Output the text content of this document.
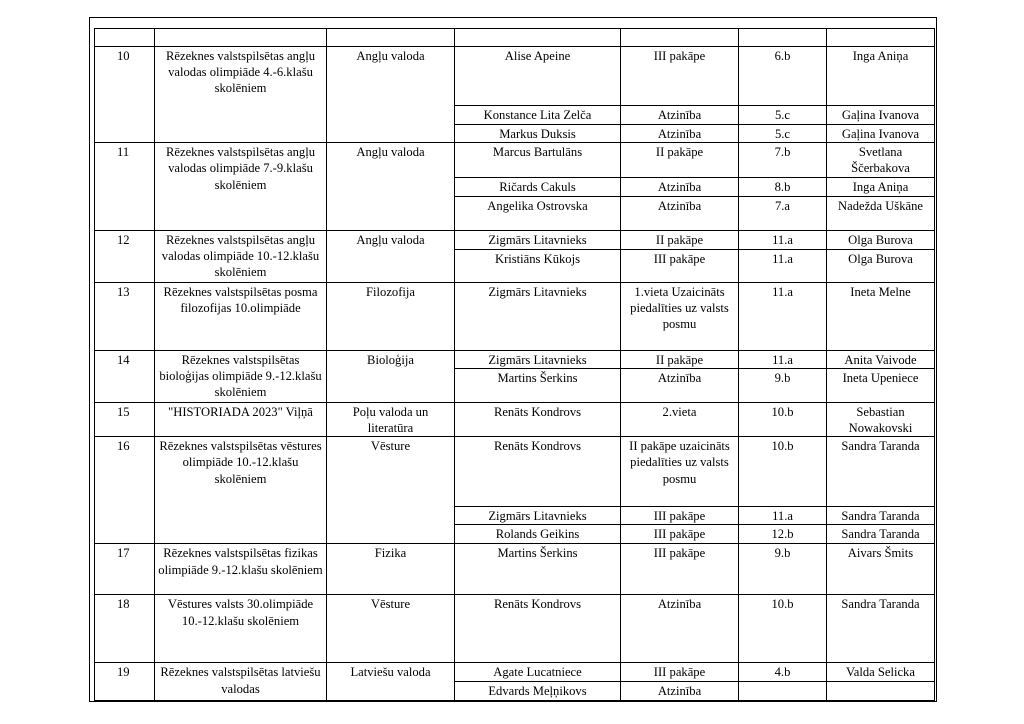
10	Rēzeknes valstspilsētas angļu valodas olimpiāde 4.-6.klašu skolēniem	Angļu valoda	Alise Apeine	III pakāpe	6.b	Inga Aniņa
			Konstance Lita Zelča	Atzinība	5.c	Gaļina Ivanova
			Markus Duksis	Atzinība	5.c	Gaļina Ivanova
11	Rēzeknes valstspilsētas angļu valodas olimpiāde 7.-9.klašu skolēniem	Angļu valoda	Marcus Bartulāns	II pakāpe	7.b	Svetlana Ščerbakova
			Ričards Cakuls	Atzinība	8.b	Inga Aniņa
			Angelika Ostrovska	Atzinība	7.a	Nadežda Uškāne
12	Rēzeknes valstspilsētas angļu valodas olimpiāde 10.-12.klašu skolēniem	Angļu valoda	Zigmārs Litavnieks	II pakāpe	11.a	Olga Burova
			Kristiāns Kūkojs	III pakāpe	11.a	Olga Burova
13	Rēzeknes valstspilsētas posma filozofijas 10.olimpiāde	Filozofija	Zigmārs Litavnieks	1.vieta Uzaicināts piedalīties uz valsts posmu	11.a	Ineta Melne
14	Rēzeknes valstspilsētas bioloģijas olimpiāde 9.-12.klašu skolēniem	Bioloģija	Zigmārs Litavnieks	II pakāpe	11.a	Anita Vaivode
			Martins Šerkins	Atzinība	9.b	Ineta Upeniece
15	"HISTORIADA 2023" Viļņā	Poļu valoda un literatūra	Renāts Kondrovs	2.vieta	10.b	Sebastian Nowakovski
16	Rēzeknes valstspilsētas vēstures olimpiāde 10.-12.klašu skolēniem	Vēsture	Renāts Kondrovs	II pakāpe uzaicināts piedalīties uz valsts posmu	10.b	Sandra Taranda
			Zigmārs Litavnieks	III pakāpe	11.a	Sandra Taranda
			Rolands Geikins	III pakāpe	12.b	Sandra Taranda
17	Rēzeknes valstspilsētas fizikas olimpiāde 9.-12.klašu skolēniem	Fizika	Martins Šerkins	III pakāpe	9.b	Aivars Šmits
18	Vēstures valsts 30.olimpiāde 10.-12.klašu skolēniem	Vēsture	Renāts Kondrovs	Atzinība	10.b	Sandra Taranda
19	Rēzeknes valstspilsētas latviešu valodas	Latviešu valoda	Agate Lucatniece	III pakāpe	4.b	Valda Selicka
			Edvards Meļņikovs	Atzinība		
